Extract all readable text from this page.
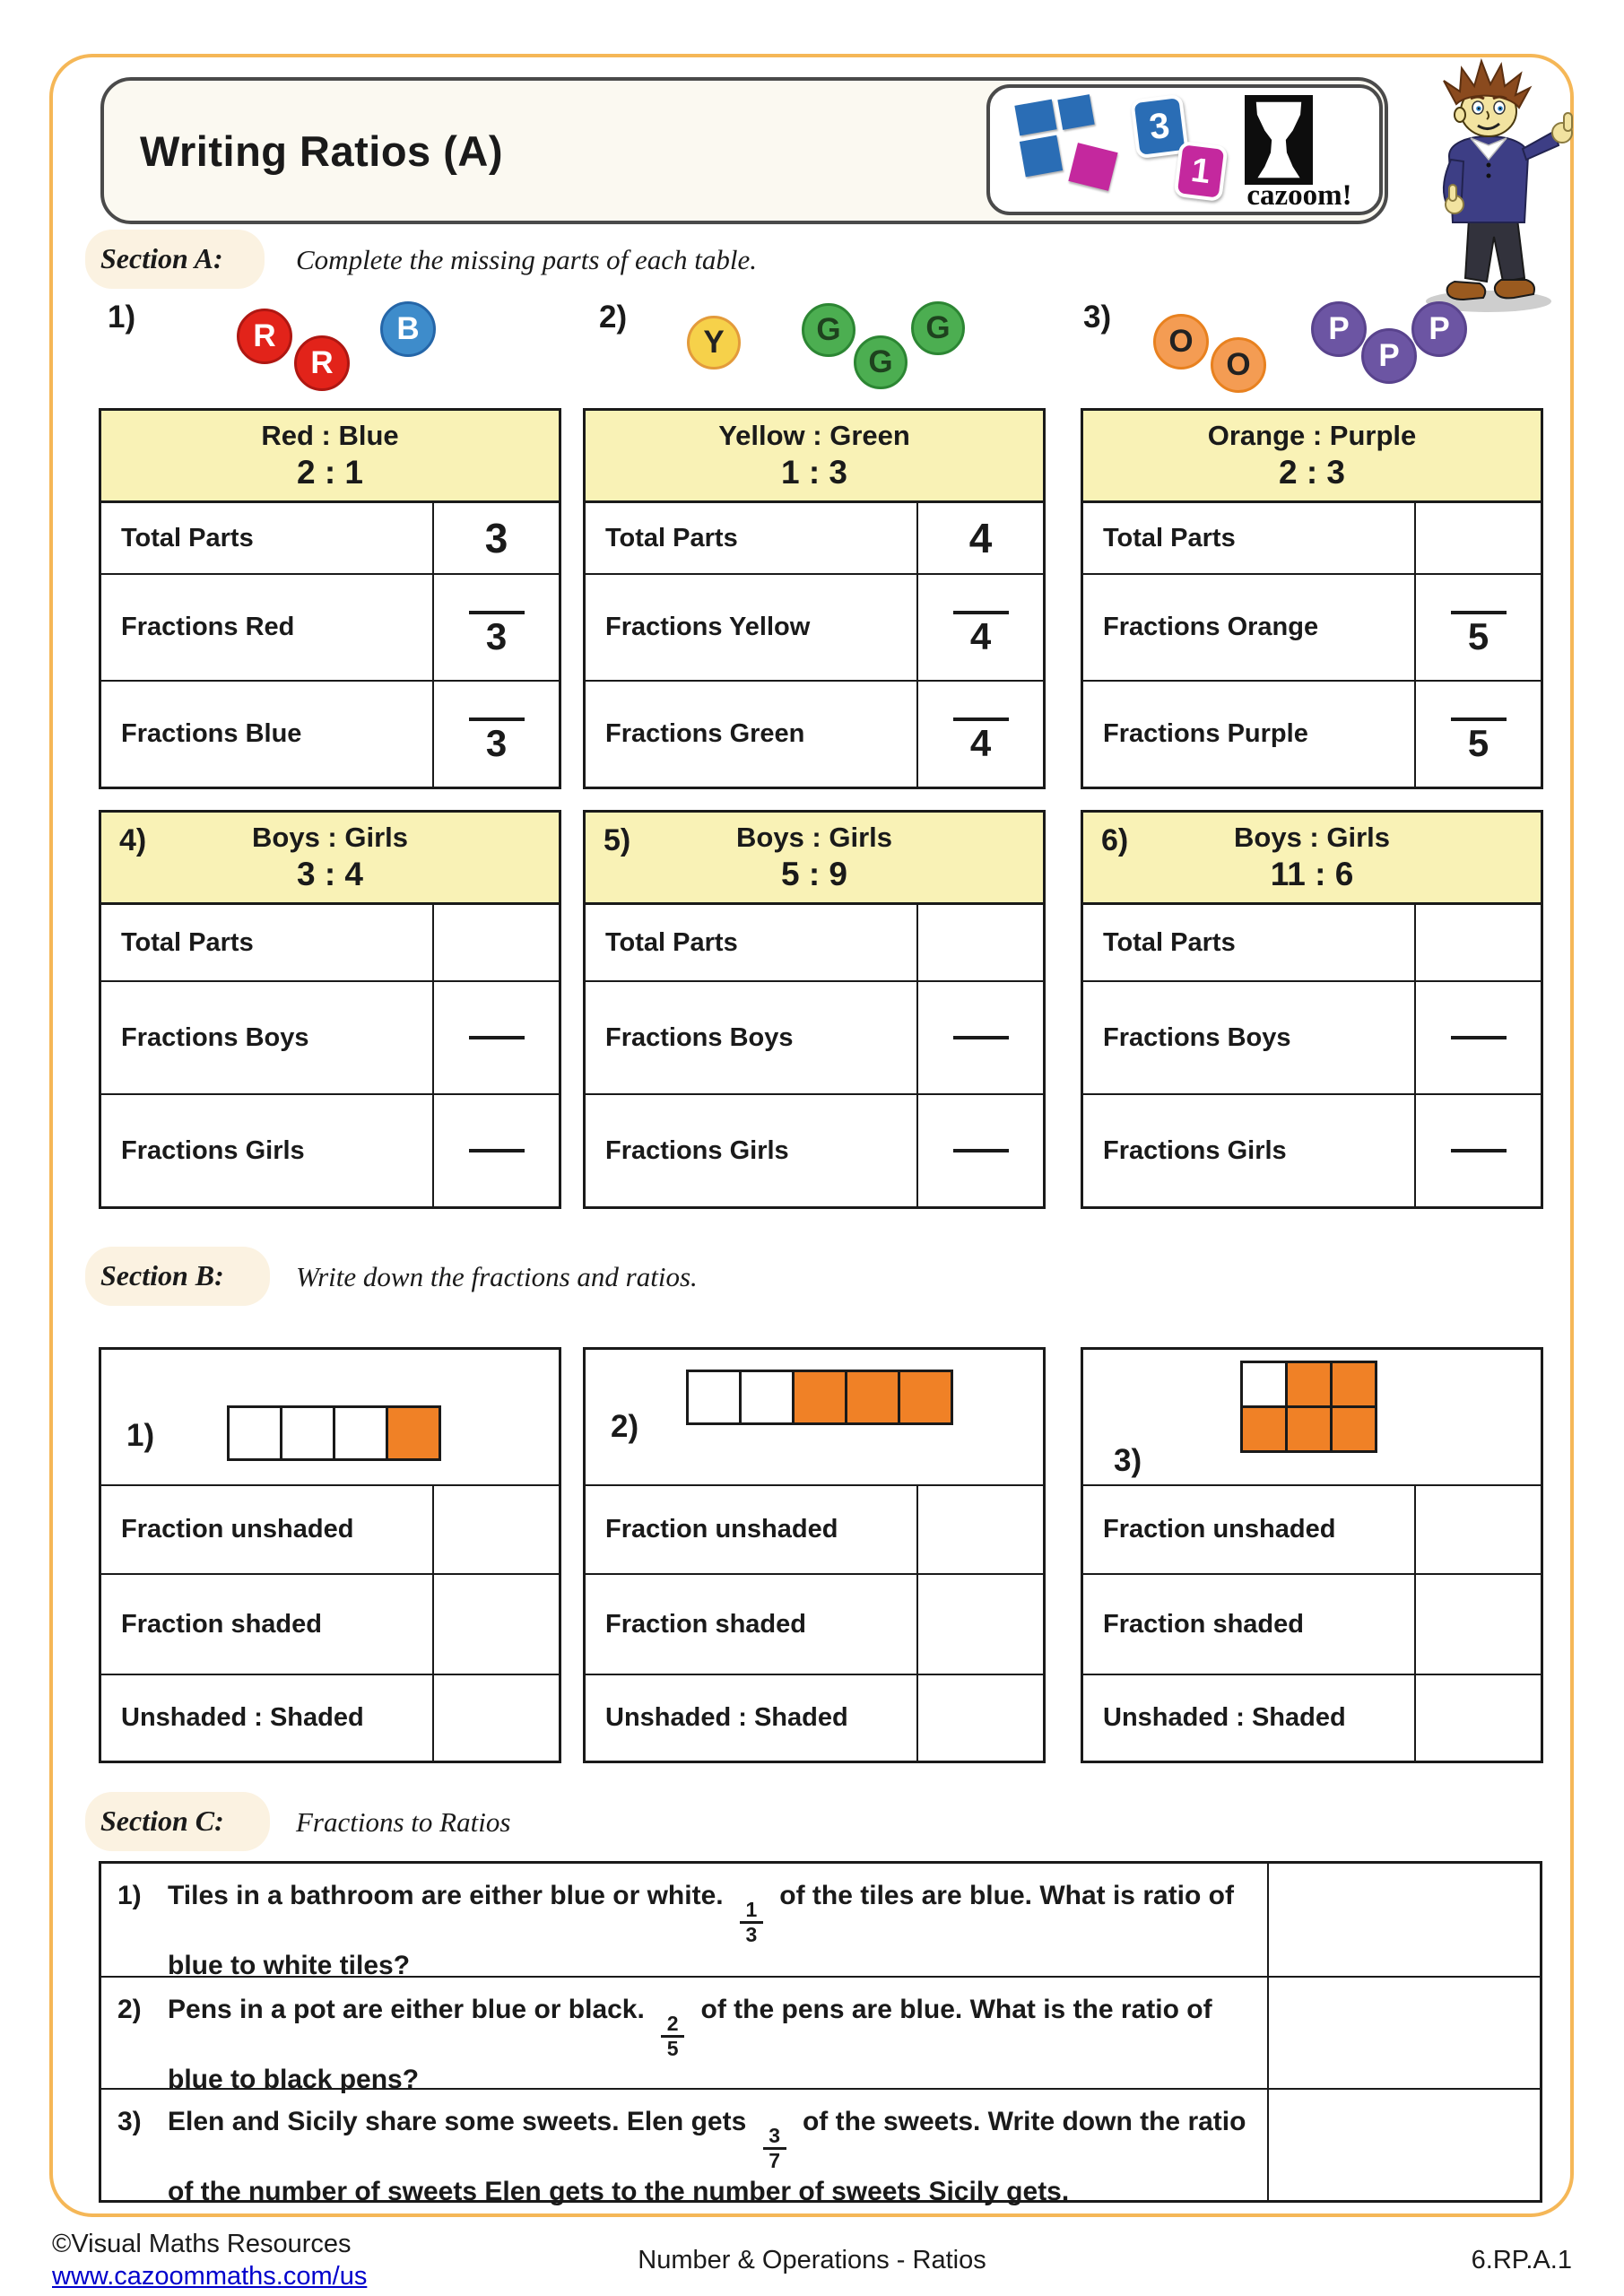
Writing Ratios (A)
3
1
cazoom!
Section A:	Complete the missing parts of each table.
1)
R
R
B	2)
Y	G
G
G	3)
O
O
P
P
P
Red : Blue
2 : 1
Total Parts	3
Fractions Red	3
Fractions Blue	3
Yellow : Green
1 : 3
Total Parts	4
Fractions Yellow	4
Fractions Green	4
Orange : Purple
2 : 3
Total Parts
Fractions Orange	5
Fractions Purple	5
4)	Boys : Girls
3 : 4
Total Parts
Fractions Boys
Fractions Girls
5)	Boys : Girls
5 : 9
Total Parts
Fractions Boys
Fractions Girls
6)	Boys : Girls
11 : 6
Total Parts
Fractions Boys
Fractions Girls
Section B:	Write down the fractions and ratios.
1)
Fraction unshaded
Fraction shaded
Unshaded : Shaded
2)
Fraction unshaded
Fraction shaded
Unshaded : Shaded
3)
Fraction unshaded
Fraction shaded
Unshaded : Shaded
Section C:	Fractions to Ratios
1) Tiles in a bathroom are either blue or white.
$\frac{1}{3}$
of the tiles are blue. What is ratio of blue to white tiles?
2) Pens in a pot are either blue or black.
$\frac{2}{5}$
of the pens are blue. What is the ratio of blue to black pens?
3) Elen and Sicily share some sweets. Elen gets
$\frac{3}{7}$
of the sweets. Write down the ratio of the number of sweets Elen gets to the number of sweets Sicily gets.
©Visual Maths Resources
www.cazoommaths.com/us
Number & Operations - Ratios	6.RP.A.1
